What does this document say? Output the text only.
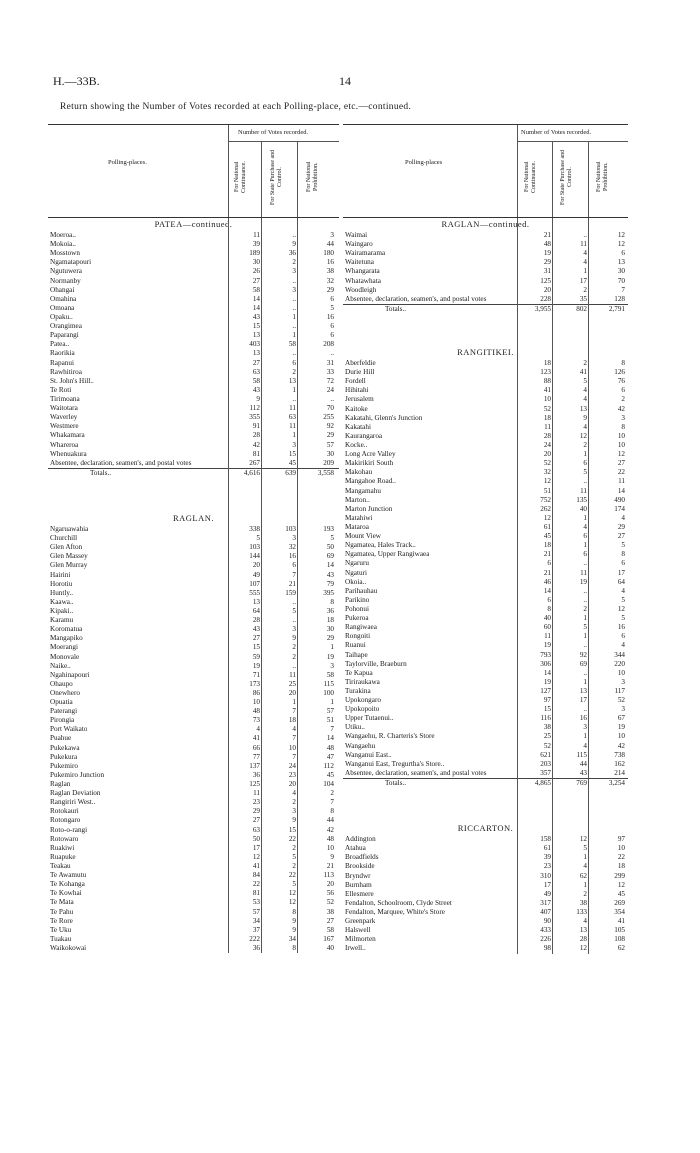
H.—33B.	14
Return showing the Number of Votes recorded at each Polling-place, etc.—continued.
Polling-places.
Number of Votes recorded.
For National Continuance.	For State Purchase and Control.	For National Prohibition.
PATEA—continued.
Moeroa..	11	..	3
Mokoia..	39	9	44
Mosstown	189	36	180
Ngamatapouri	30	2	16
Ngutuwera	26	3	38
Normanby	27	..	32
Ohangai	58	3	29
Omahina	14	..	6
Omoana	14	..	5
Opaku..	43	1	16
Orangimea	15	..	6
Paparangi	13	1	6
Patea..	403	58	208
Raorikia	13	..	..
Rapanui	27	6	31
Rawhitiroa	63	2	33
St. John's Hill..	58	13	72
Te Roti	43	1	24
Tirimoana	9	..	..
Waitotara	112	11	70
Waverley	355	63	255
Westmere	91	11	92
Whakamara	28	1	29
Whareroa	42	3	57
Whenuakura	81	15	30
Absentee, declaration, seamen's, and postal votes	267	45	209
Totals..	4,616	639	3,558
RAGLAN.
Ngaruawahia	338	103	193
Churchill	5	3	5
Glen Afton	103	32	50
Glen Massey	144	16	69
Glen Murray	20	6	14
Hairini	49	7	43
Horotiu	107	21	79
Huntly..	555	159	395
Kaawa..	13	..	8
Kipaki..	64	5	36
Karamu	28	..	18
Koromatua	43	3	30
Mangapiko	27	9	29
Moerangi	15	2	1
Monovale	59	2	19
Naike..	19	..	3
Ngahinapouri	71	11	58
Ohaupo	173	25	115
Onewhero	86	20	100
Opuatia	10	1	1
Paterangi	48	7	57
Pirongia	73	18	51
Port Waikato	4	4	7
Puahue	41	7	14
Pukekawa	66	10	48
Pukekura	77	7	47
Pukemiro	137	24	112
Pukemiro Junction	36	23	45
Raglan	125	20	104
Raglan Deviation	11	4	2
Rangiriri West..	23	2	7
Rotokauri	29	3	8
Rotongaro	27	9	44
Roto-o-rangi	63	15	42
Rotowaro	50	22	48
Ruakiwi	17	2	10
Ruapuke	12	5	9
Teakau	41	2	21
Te Awamutu	84	22	113
Te Kohanga	22	5	20
Te Kowhai	81	12	56
Te Mata	53	12	52
Te Pahu	57	8	38
Te Rore	34	9	27
Te Uku	37	9	58
Tuakau	222	34	167
Waikokowai	36	8	40
Polling-places
Number of Votes recorded.
For National Continuance.	For State Purchase and Control.	For National Prohibition.
RAGLAN—continued.
Waimai	21	..	12
Waingaro	48	11	12
Wairamarama	19	4	6
Waitetuna	29	4	13
Whangarata	31	1	30
Whatawhata	125	17	70
Woodleigh	20	2	7
Absentee, declaration, seamen's, and postal votes	228	35	128
Totals..	3,955	802	2,791
RANGITIKEI.
Aberfeldie	18	2	8
Durie Hill	123	41	126
Fordell	88	5	76
Hihitahi	41	4	6
Jerusalem	10	4	2
Kaitoke	52	13	42
Kakatahi, Glenn's Junction	18	9	3
Kakatahi	11	4	8
Kaurangaroa	28	12	10
Kocke..	24	2	10
Long Acre Valley	20	1	12
Makirikiri South	52	6	27
Makohau	32	5	22
Mangahoe Road..	12	..	11
Mangamahu	51	11	14
Marton..	752	135	490
Marton Junction	262	40	174
Matahiwi	12	1	4
Mataroa	61	4	29
Mount View	45	6	27
Ngamatea, Hales Track..	18	1	5
Ngamatea, Upper Rangiwaea	21	6	8
Ngaruru	6	..	6
Ngaturi	21	11	17
Okoia..	46	19	64
Parihauhau	14	..	4
Parikino	6	..	5
Pohonui	8	2	12
Pukeroa	40	1	5
Rangiwaea	60	5	16
Rongoiti	11	1	6
Ruanui	19	..	4
Taihape	793	92	344
Taylorville, Braeburn	306	69	220
Te Kapua	14	..	10
Tiriraukawa	19	1	3
Turakina	127	13	117
Upokongaro	97	17	52
Upokopoito	15	..	3
Upper Tutaenui..	116	16	67
Utiku..	38	3	19
Wangaehu, R. Charteris's Store	25	1	10
Wangaehu	52	4	42
Wanganui East..	621	115	738
Wanganui East, Tregurtha's Store..	203	44	162
Absentee, declaration, seamen's, and postal votes	357	43	214
Totals..	4,865	769	3,254
RICCARTON.
Addington	158	12	97
Atahua	61	5	10
Broadfields	39	1	22
Brookside	23	4	18
Bryndwr	310	62	299
Burnham	17	1	12
Ellesmere	49	2	45
Fendalton, Schoolroom, Clyde Street	317	38	269
Fendalton, Marquee, White's Store	407	133	354
Greenpark	90	4	41
Halswell	433	13	105
Milmorten	226	28	108
Irwell..	98	12	62
